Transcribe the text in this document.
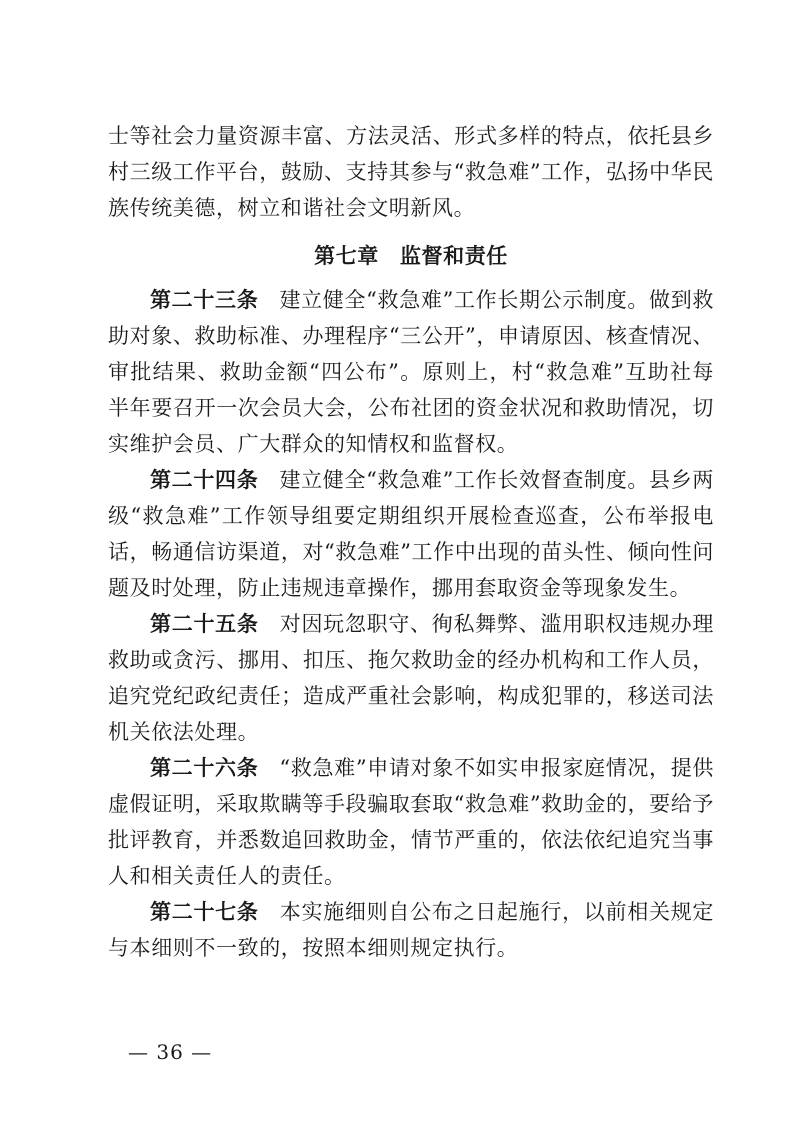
士等社会力量资源丰富、方法灵活、形式多样的特点，依托县乡村三级工作平台，鼓励、支持其参与“救急难”工作，弘扬中华民族传统美德，树立和谐社会文明新风。

第七章 监督和责任

第二十三条 建立健全“救急难”工作长期公示制度。做到救助对象、救助标准、办理程序“三公开”，申请原因、核查情况、审批结果、救助金额“四公布”。原则上，村“救急难”互助社每半年要召开一次会员大会，公布社团的资金状况和救助情况，切实维护会员、广大群众的知情权和监督权。

第二十四条 建立健全“救急难”工作长效督查制度。县乡两级“救急难”工作领导组要定期组织开展检查巡查，公布举报电话，畅通信访渠道，对“救急难”工作中出现的苗头性、倾向性问题及时处理，防止违规违章操作，挪用套取资金等现象发生。

第二十五条 对因玩忽职守、徇私舞弊、滥用职权违规办理救助或贪污、挪用、扣压、拖欠救助金的经办机构和工作人员，追究党纪政纪责任；造成严重社会影响，构成犯罪的，移送司法机关依法处理。

第二十六条 “救急难”申请对象不如实申报家庭情况，提供虚假证明，采取欺瞒等手段骗取套取“救急难”救助金的，要给予批评教育，并悉数追回救助金，情节严重的，依法依纪追究当事人和相关责任人的责任。

第二十七条 本实施细则自公布之日起施行，以前相关规定与本细则不一致的，按照本细则规定执行。

— 36 —
